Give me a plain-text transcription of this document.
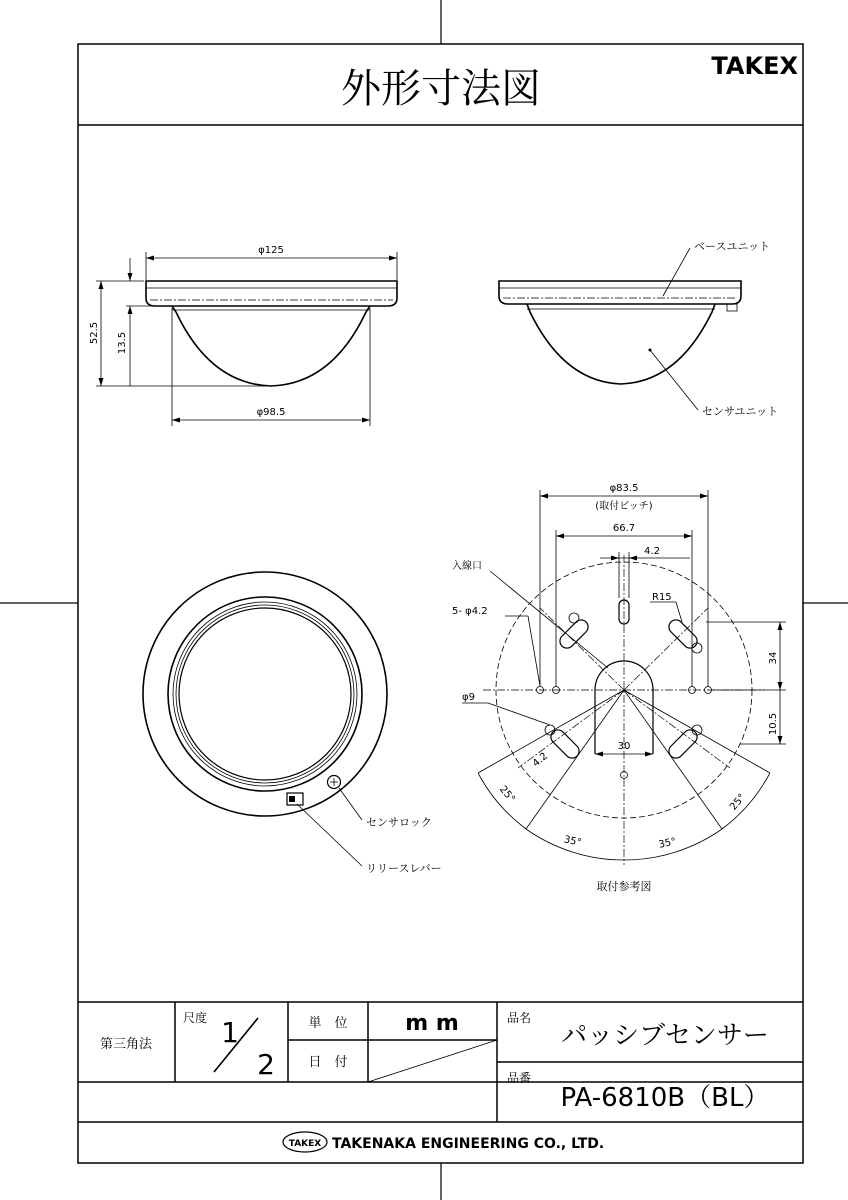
外形寸法図	TAKEX
φ125
φ98.5
52.5 13.5
ベースユニット
センサユニット
センサロック
リリースレバー
φ83.5
(取付ピッチ)
66.7
4.2
入線口
5- φ4.2
R15
φ9
34
10.5
30
4.2
25°
35°	35°
25°
取付参考図
第三角法
尺度 1
2
単　位	m m
日　付
品名
パッシブセンサー
品番
PA-6810B（BL）
TAKEX TAKENAKA ENGINEERING CO., LTD.
